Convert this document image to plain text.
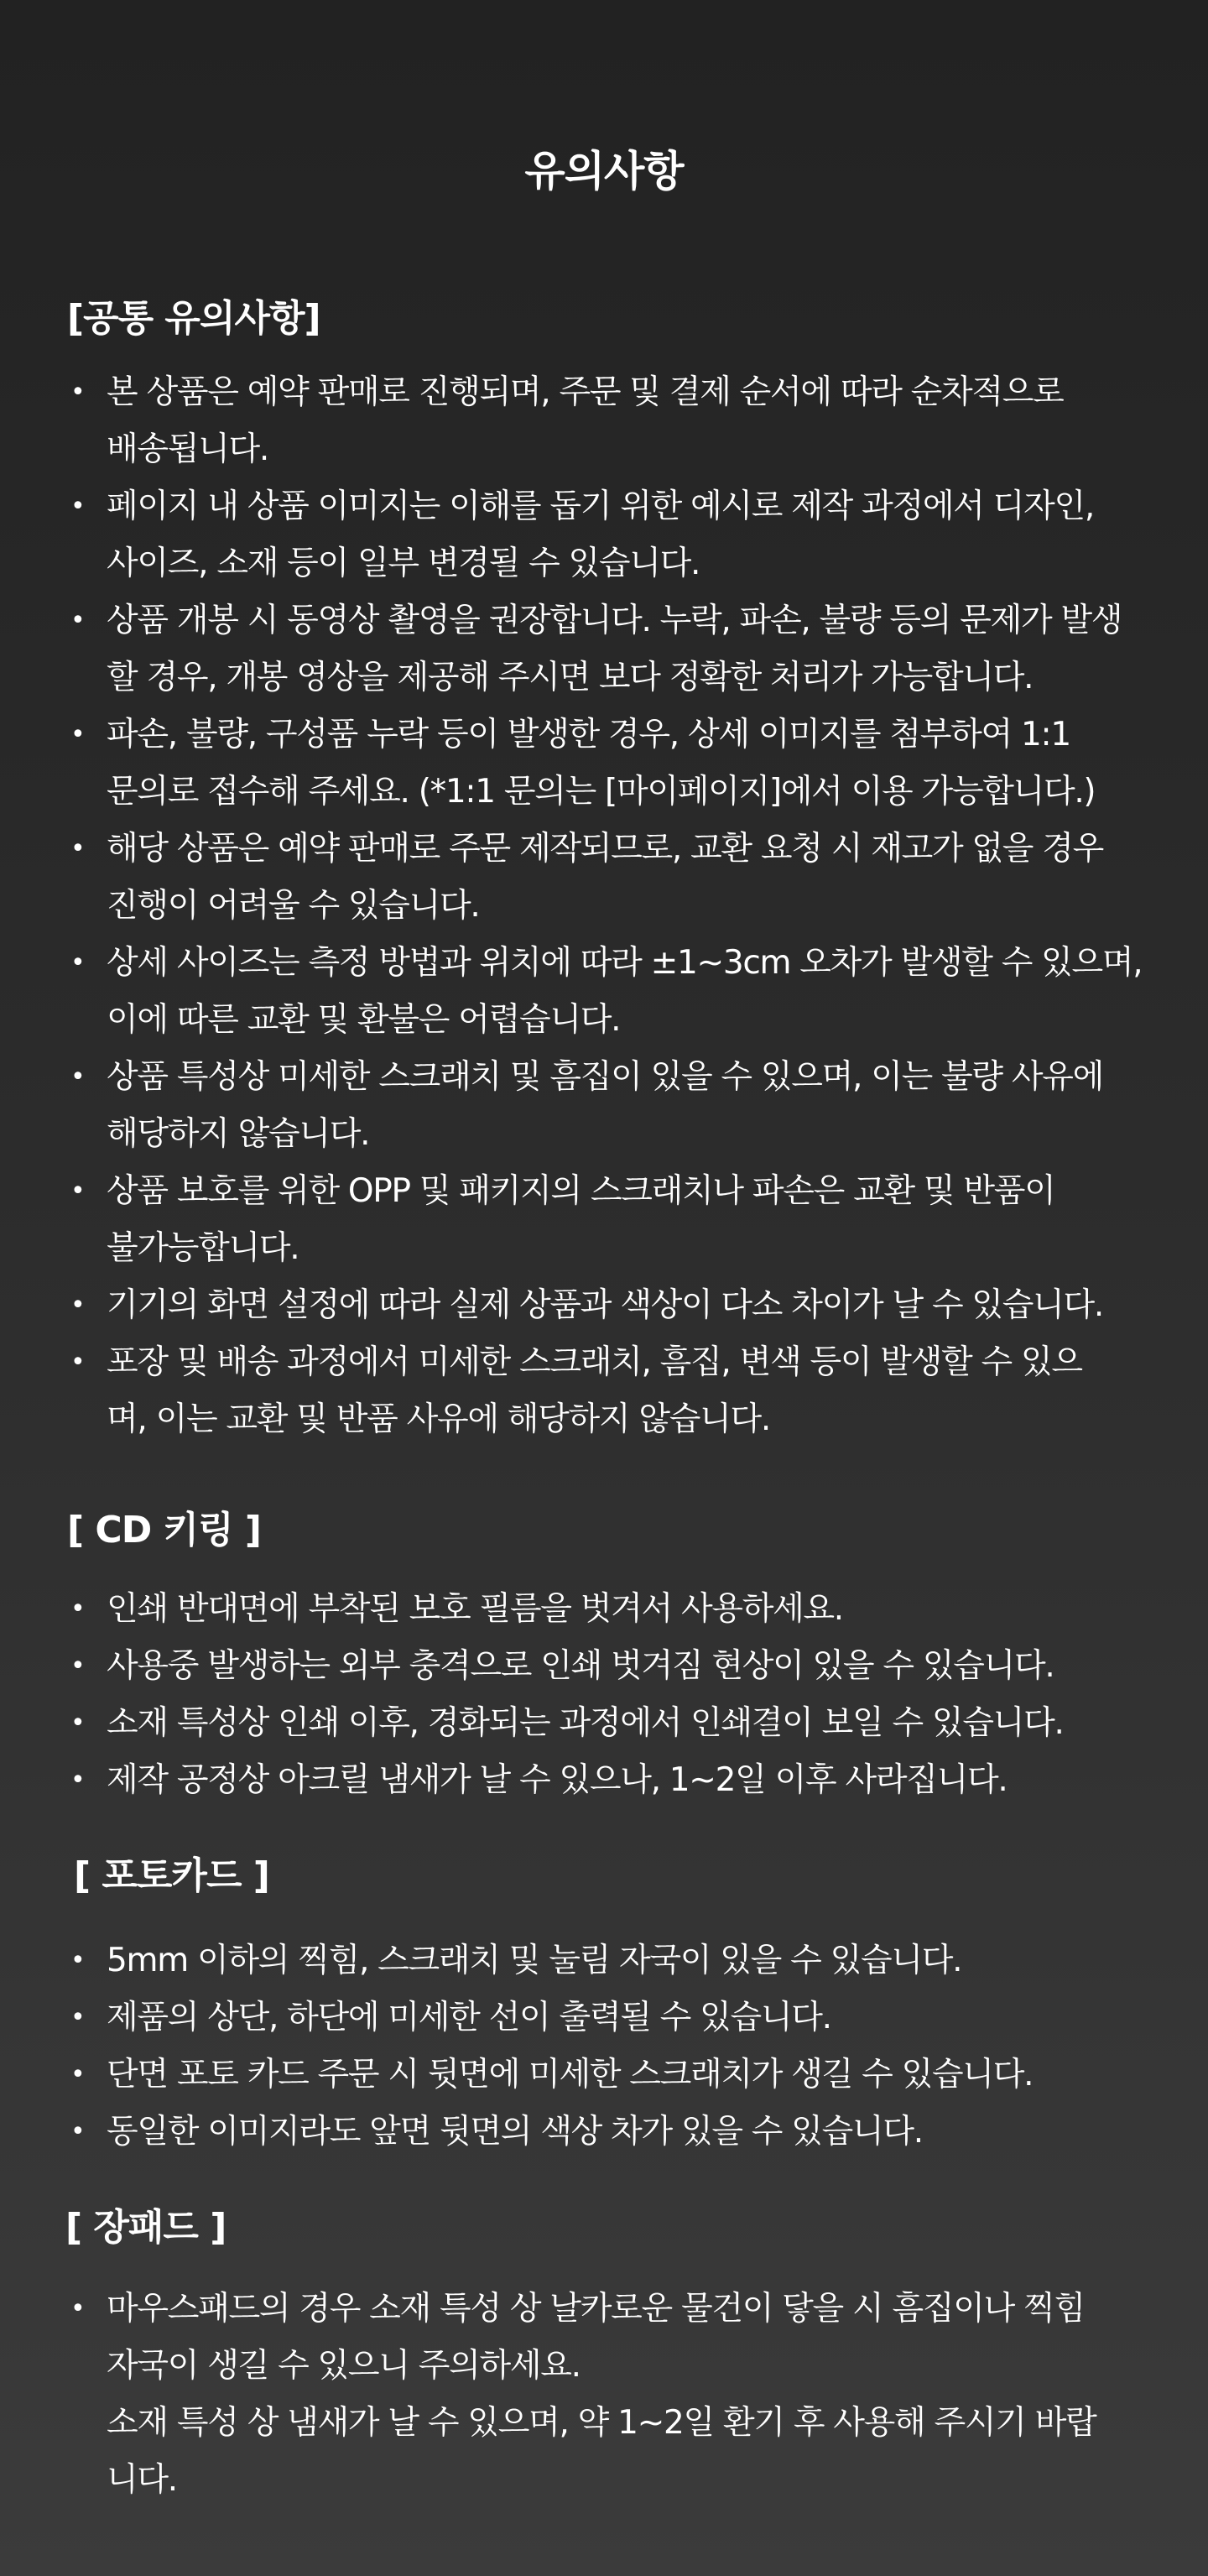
유의사항
[공통 유의사항]
• 본 상품은 예약 판매로 진행되며, 주문 및 결제 순서에 따라 순차적으로
배송됩니다.
• 페이지 내 상품 이미지는 이해를 돕기 위한 예시로 제작 과정에서 디자인,
사이즈, 소재 등이 일부 변경될 수 있습니다.
• 상품 개봉 시 동영상 촬영을 권장합니다. 누락, 파손, 불량 등의 문제가 발생
할 경우, 개봉 영상을 제공해 주시면 보다 정확한 처리가 가능합니다.
• 파손, 불량, 구성품 누락 등이 발생한 경우, 상세 이미지를 첨부하여 1:1
문의로 접수해 주세요. (*1:1 문의는 [마이페이지]에서 이용 가능합니다.)
• 해당 상품은 예약 판매로 주문 제작되므로, 교환 요청 시 재고가 없을 경우
진행이 어려울 수 있습니다.
• 상세 사이즈는 측정 방법과 위치에 따라 ±1~3cm 오차가 발생할 수 있으며,
이에 따른 교환 및 환불은 어렵습니다.
• 상품 특성상 미세한 스크래치 및 흠집이 있을 수 있으며, 이는 불량 사유에
해당하지 않습니다.
• 상품 보호를 위한 OPP 및 패키지의 스크래치나 파손은 교환 및 반품이
불가능합니다.
• 기기의 화면 설정에 따라 실제 상품과 색상이 다소 차이가 날 수 있습니다.
• 포장 및 배송 과정에서 미세한 스크래치, 흠집, 변색 등이 발생할 수 있으
며, 이는 교환 및 반품 사유에 해당하지 않습니다.
[ CD 키링 ]
• 인쇄 반대면에 부착된 보호 필름을 벗겨서 사용하세요.
• 사용중 발생하는 외부 충격으로 인쇄 벗겨짐 현상이 있을 수 있습니다.
• 소재 특성상 인쇄 이후, 경화되는 과정에서 인쇄결이 보일 수 있습니다.
• 제작 공정상 아크릴 냄새가 날 수 있으나, 1~2일 이후 사라집니다.
[ 포토카드 ]
• 5mm 이하의 찍힘, 스크래치 및 눌림 자국이 있을 수 있습니다.
• 제품의 상단, 하단에 미세한 선이 출력될 수 있습니다.
• 단면 포토 카드 주문 시 뒷면에 미세한 스크래치가 생길 수 있습니다.
• 동일한 이미지라도 앞면 뒷면의 색상 차가 있을 수 있습니다.
[ 장패드 ]
• 마우스패드의 경우 소재 특성 상 날카로운 물건이 닿을 시 흠집이나 찍힘
자국이 생길 수 있으니 주의하세요.
소재 특성 상 냄새가 날 수 있으며, 약 1~2일 환기 후 사용해 주시기 바랍
니다.
